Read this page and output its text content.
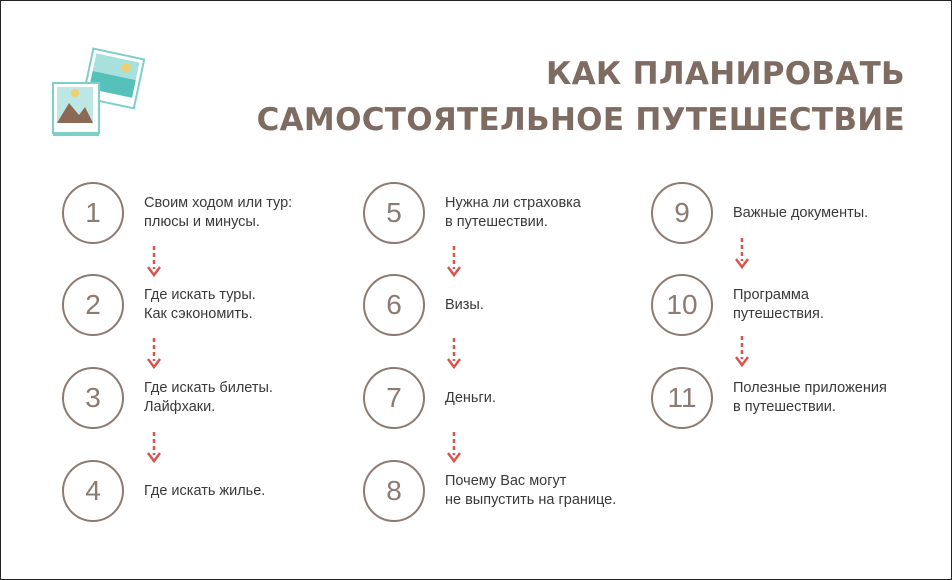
КАК ПЛАНИРОВАТЬ
САМОСТОЯТЕЛЬНОЕ ПУТЕШЕСТВИЕ
1	Своим ходом или тур:
плюсы и минусы.
2	Где искать туры.
Как сэкономить.
3	Где искать билеты.
Лайфхаки.
4	Где искать жилье.
5	Нужна ли страховка
в путешествии.
6	Визы.
7	Деньги.
8	Почему Вас могут
не выпустить на границе.
9	Важные документы.
10	Программа
путешествия.
11	Полезные приложения
в путешествии.
